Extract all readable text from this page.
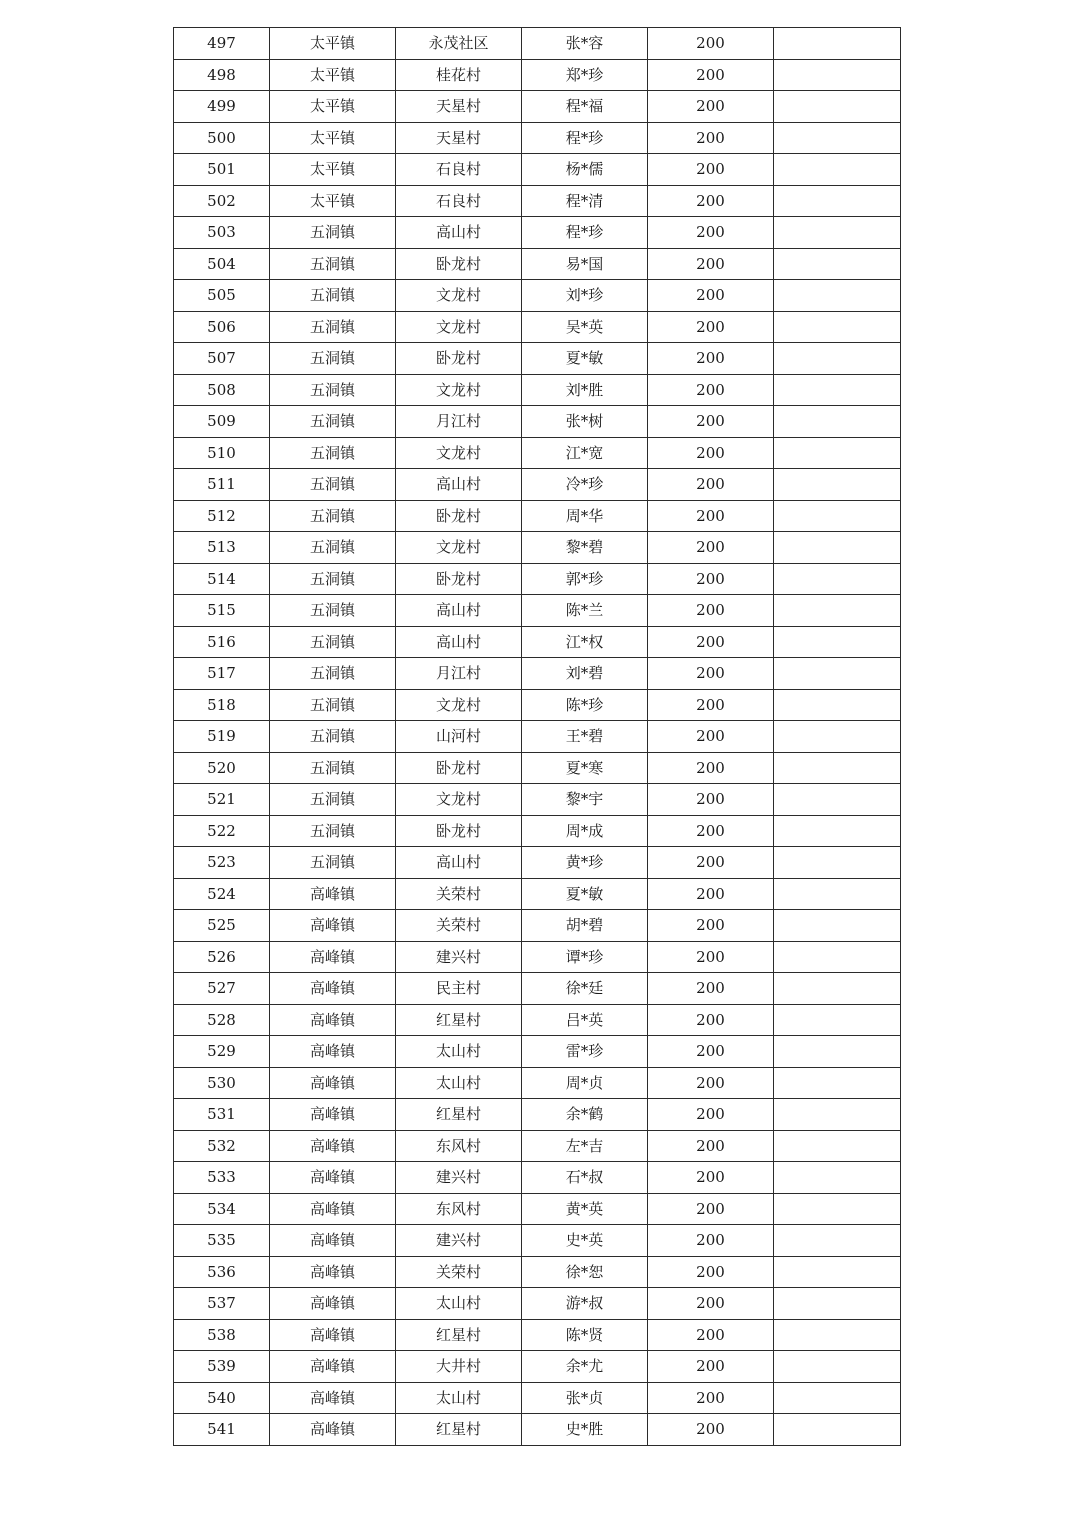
497	太平镇	永茂社区	张*容	200	
498	太平镇	桂花村	郑*珍	200	
499	太平镇	天星村	程*福	200	
500	太平镇	天星村	程*珍	200	
501	太平镇	石良村	杨*儒	200	
502	太平镇	石良村	程*清	200	
503	五洞镇	高山村	程*珍	200	
504	五洞镇	卧龙村	易*国	200	
505	五洞镇	文龙村	刘*珍	200	
506	五洞镇	文龙村	吴*英	200	
507	五洞镇	卧龙村	夏*敏	200	
508	五洞镇	文龙村	刘*胜	200	
509	五洞镇	月江村	张*树	200	
510	五洞镇	文龙村	江*宽	200	
511	五洞镇	高山村	冷*珍	200	
512	五洞镇	卧龙村	周*华	200	
513	五洞镇	文龙村	黎*碧	200	
514	五洞镇	卧龙村	郭*珍	200	
515	五洞镇	高山村	陈*兰	200	
516	五洞镇	高山村	江*权	200	
517	五洞镇	月江村	刘*碧	200	
518	五洞镇	文龙村	陈*珍	200	
519	五洞镇	山河村	王*碧	200	
520	五洞镇	卧龙村	夏*寒	200	
521	五洞镇	文龙村	黎*宇	200	
522	五洞镇	卧龙村	周*成	200	
523	五洞镇	高山村	黄*珍	200	
524	高峰镇	关荣村	夏*敏	200	
525	高峰镇	关荣村	胡*碧	200	
526	高峰镇	建兴村	谭*珍	200	
527	高峰镇	民主村	徐*廷	200	
528	高峰镇	红星村	吕*英	200	
529	高峰镇	太山村	雷*珍	200	
530	高峰镇	太山村	周*贞	200	
531	高峰镇	红星村	余*鹤	200	
532	高峰镇	东风村	左*吉	200	
533	高峰镇	建兴村	石*叔	200	
534	高峰镇	东风村	黄*英	200	
535	高峰镇	建兴村	史*英	200	
536	高峰镇	关荣村	徐*恕	200	
537	高峰镇	太山村	游*叔	200	
538	高峰镇	红星村	陈*贤	200	
539	高峰镇	大井村	余*尤	200	
540	高峰镇	太山村	张*贞	200	
541	高峰镇	红星村	史*胜	200	
